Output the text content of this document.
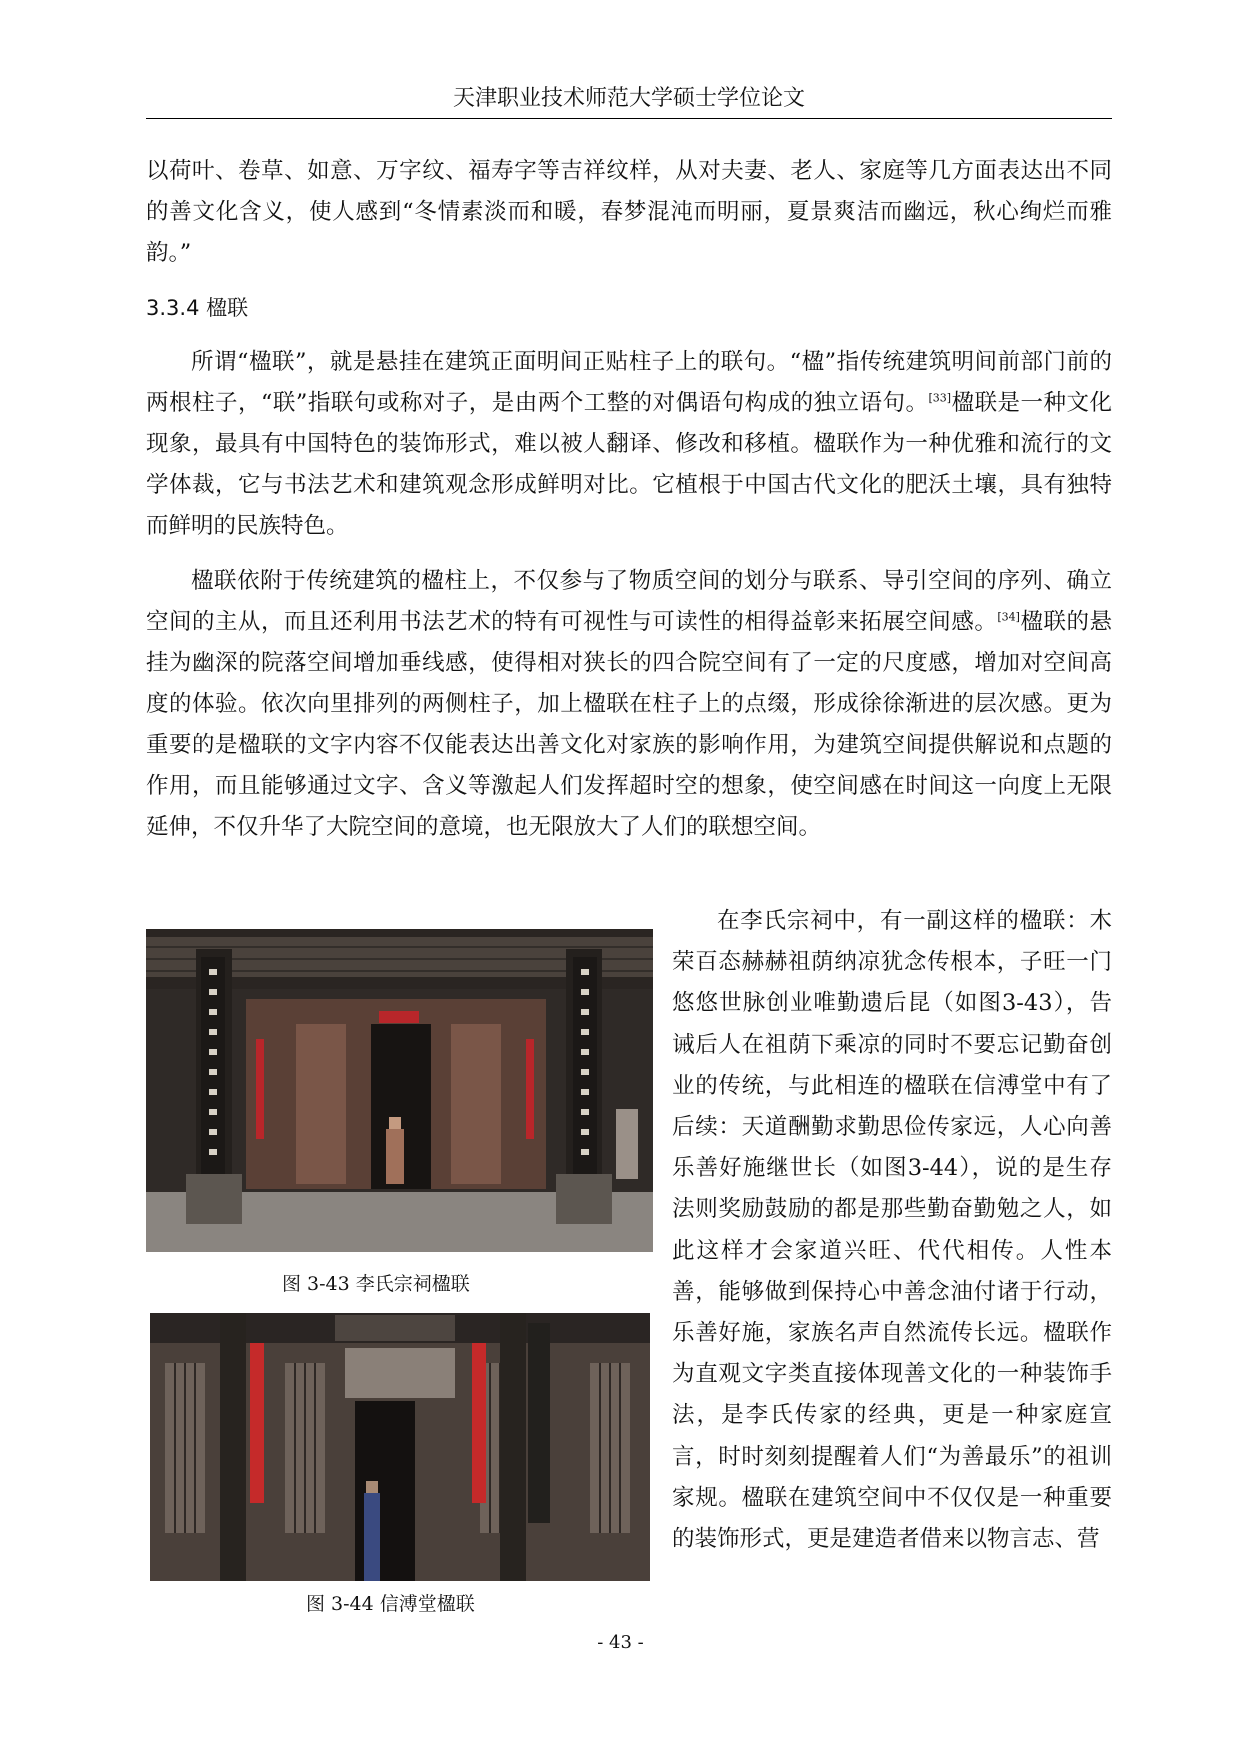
天津职业技术师范大学硕士学位论文
以荷叶、卷草、如意、万字纹、福寿字等吉祥纹样，从对夫妻、老人、家庭等几方面表达出不同的善文化含义，使人感到“冬情素淡而和暖，春梦混沌而明丽，夏景爽洁而幽远，秋心绚烂而雅韵。”
3.3.4 楹联
所谓“楹联”，就是悬挂在建筑正面明间正贴柱子上的联句。“楹”指传统建筑明间前部门前的两根柱子，“联”指联句或称对子，是由两个工整的对偶语句构成的独立语句。[33]楹联是一种文化现象，最具有中国特色的装饰形式，难以被人翻译、修改和移植。楹联作为一种优雅和流行的文学体裁，它与书法艺术和建筑观念形成鲜明对比。它植根于中国古代文化的肥沃土壤，具有独特而鲜明的民族特色。
楹联依附于传统建筑的楹柱上，不仅参与了物质空间的划分与联系、导引空间的序列、确立空间的主从，而且还利用书法艺术的特有可视性与可读性的相得益彰来拓展空间感。[34]楹联的悬挂为幽深的院落空间增加垂线感，使得相对狭长的四合院空间有了一定的尺度感，增加对空间高度的体验。依次向里排列的两侧柱子，加上楹联在柱子上的点缀，形成徐徐渐进的层次感。更为重要的是楹联的文字内容不仅能表达出善文化对家族的影响作用，为建筑空间提供解说和点题的作用，而且能够通过文字、含义等激起人们发挥超时空的想象，使空间感在时间这一向度上无限延伸，不仅升华了大院空间的意境，也无限放大了人们的联想空间。
在李氏宗祠中，有一副这样的楹联：木荣百态赫赫祖荫纳凉犹念传根本，子旺一门悠悠世脉创业唯勤遗后昆（如图3-43），告诫后人在祖荫下乘凉的同时不要忘记勤奋创业的传统，与此相连的楹联在信溥堂中有了后续：天道酬勤求勤思俭传家远，人心向善乐善好施继世长（如图3-44），说的是生存法则奖励鼓励的都是那些勤奋勤勉之人，如此这样才会家道兴旺、代代相传。人性本善，能够做到保持心中善念油付诸于行动，乐善好施，家族名声自然流传长远。楹联作为直观文字类直接体现善文化的一种装饰手法，是李氏传家的经典，更是一种家庭宣言，时时刻刻提醒着人们“为善最乐”的祖训家规。楹联在建筑空间中不仅仅是一种重要的装饰形式，更是建造者借来以物言志、营
图 3-43 李氏宗祠楹联
图 3-44 信溥堂楹联
- 43 -
